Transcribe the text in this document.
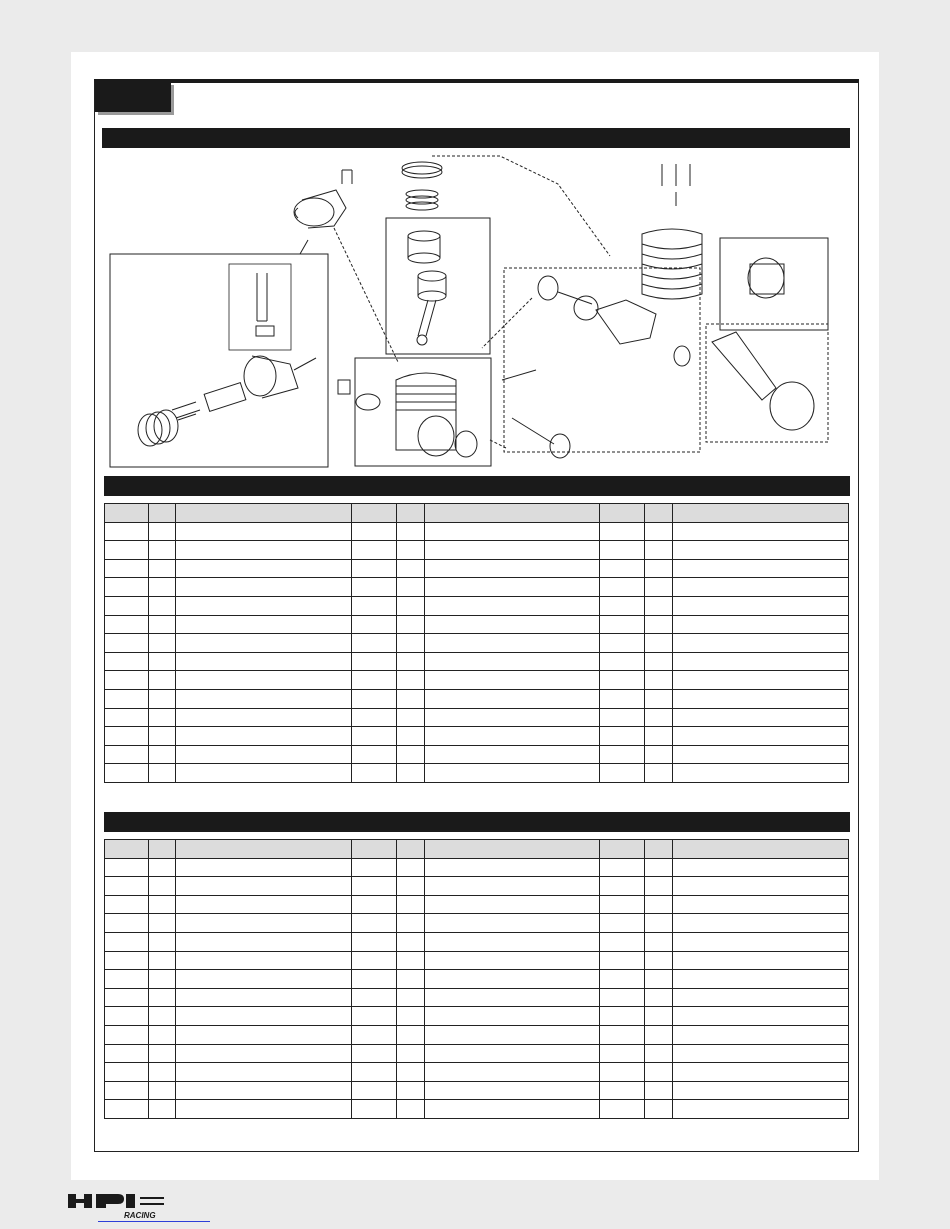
RACING
